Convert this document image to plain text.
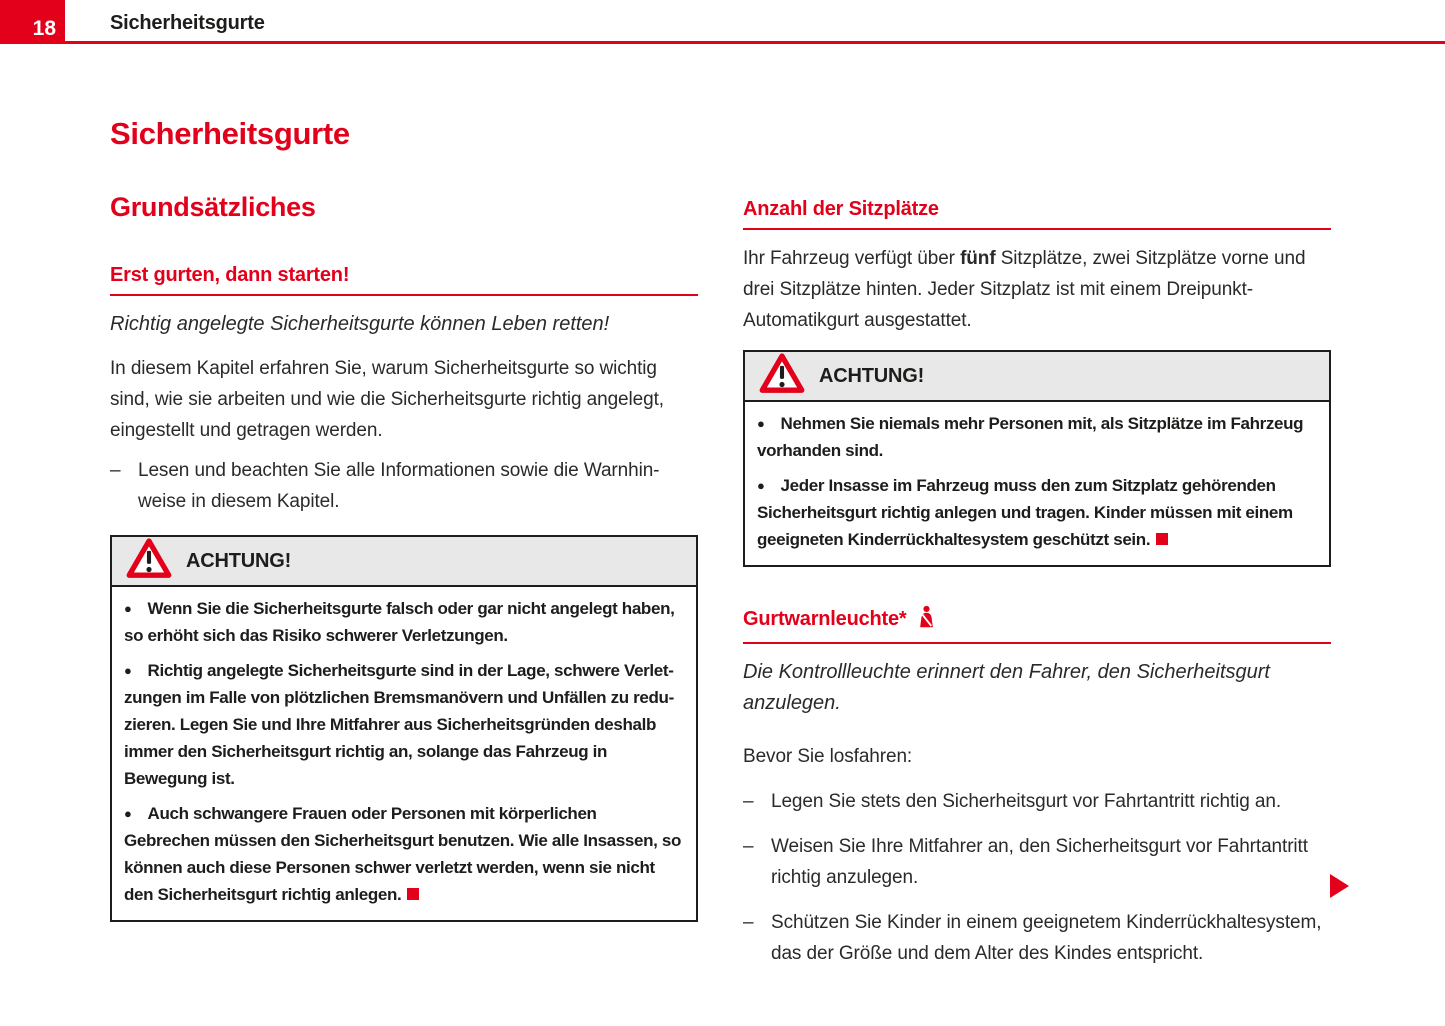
18	Sicherheitsgurte
Sicherheitsgurte
Grundsätzliches
Erst gurten, dann starten!

Richtig angelegte Sicherheitsgurte können Leben retten!

In diesem Kapitel erfahren Sie, warum Sicherheitsgurte so wichtig sind, wie sie arbeiten und wie die Sicherheitsgurte richtig angelegt, eingestellt und getragen werden.

– Lesen und beachten Sie alle Informationen sowie die Warnhinweise in diesem Kapitel.
ACHTUNG!

● Wenn Sie die Sicherheitsgurte falsch oder gar nicht angelegt haben, so erhöht sich das Risiko schwerer Verletzungen.

● Richtig angelegte Sicherheitsgurte sind in der Lage, schwere Verletzungen im Falle von plötzlichen Bremsmanövern und Unfällen zu reduzieren. Legen Sie und Ihre Mitfahrer aus Sicherheitsgründen deshalb immer den Sicherheitsgurt richtig an, solange das Fahrzeug in Bewegung ist.

● Auch schwangere Frauen oder Personen mit körperlichen Gebrechen müssen den Sicherheitsgurt benutzen. Wie alle Insassen, so können auch diese Personen schwer verletzt werden, wenn sie nicht den Sicherheitsgurt richtig anlegen.

Anzahl der Sitzplätze

Ihr Fahrzeug verfügt über fünf Sitzplätze, zwei Sitzplätze vorne und drei Sitzplätze hinten. Jeder Sitzplatz ist mit einem Dreipunkt-Automatikgurt ausgestattet.

ACHTUNG!

● Nehmen Sie niemals mehr Personen mit, als Sitzplätze im Fahrzeug vorhanden sind.

● Jeder Insasse im Fahrzeug muss den zum Sitzplatz gehörenden Sicherheitsgurt richtig anlegen und tragen. Kinder müssen mit einem geeigneten Kinderrückhaltesystem geschützt sein.

Gurtwarnleuchte*

Die Kontrollleuchte erinnert den Fahrer, den Sicherheitsgurt anzulegen.

Bevor Sie losfahren:

– Legen Sie stets den Sicherheitsgurt vor Fahrtantritt richtig an.
– Weisen Sie Ihre Mitfahrer an, den Sicherheitsgurt vor Fahrtantritt richtig anzulegen.
– Schützen Sie Kinder in einem geeignetem Kinderrückhaltesystem, das der Größe und dem Alter des Kindes entspricht.
